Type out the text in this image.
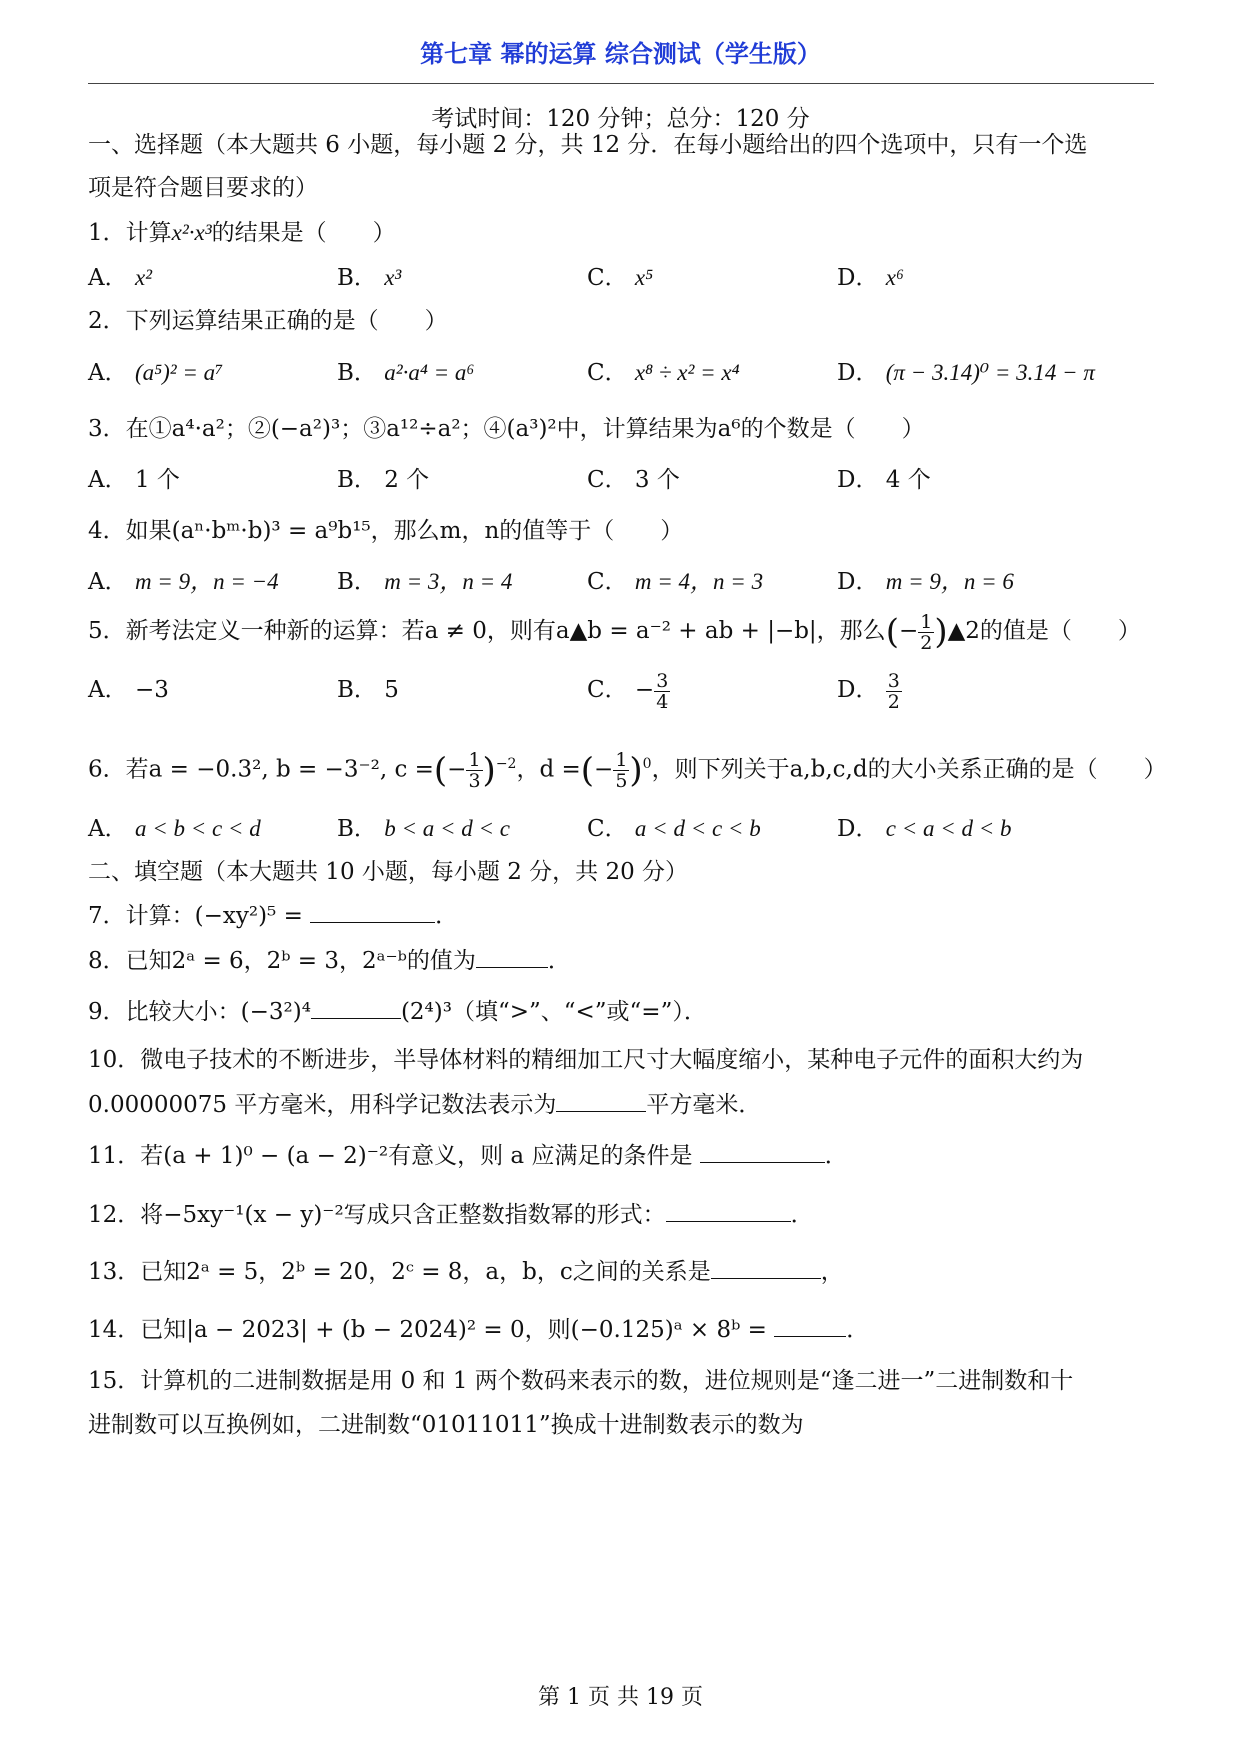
第七章 幂的运算 综合测试（学生版）
考试时间：120 分钟；总分：120 分
一、选择题（本大题共 6 小题，每小题 2 分，共 12 分．在每小题给出的四个选项中，只有一个选
项是符合题目要求的）
1．计算x²·x³的结果是（　　）
A． x²	B． x³	C． x⁵	D． x⁶
2．下列运算结果正确的是（　　）
A． (a⁵)² = a⁷	B． a²·a⁴ = a⁶	C． x⁸ ÷ x² = x⁴	D． (π − 3.14)⁰ = 3.14 − π
3．在①a⁴·a²；②(−a²)³；③a¹²÷a²；④(a³)²中，计算结果为a⁶的个数是（　　）
A． 1 个	B． 2 个	C． 3 个	D． 4 个
4．如果(aⁿ·bᵐ·b)³ = a⁹b¹⁵，那么m，n的值等于（　　）
A． m = 9，n = −4	B． m = 3，n = 4	C． m = 4，n = 3	D． m = 9，n = 6
5．新考法定义一种新的运算：若a ≠ 0，则有a▲b = a⁻² + ab + |−b|，那么(− $\frac{1}{2}$ )▲2的值是（　　）
A． −3	B． 5	C． − $\frac{3}{4}$	D． $\frac{3}{2}$
6．若a = −0.3², b = −3⁻², c =(− $\frac{1}{3} )^{-2}$，d =(− $\frac{1}{5} )^0$，则下列关于a,b,c,d的大小关系正确的是（　　）
A． a < b < c < d	B． b < a < d < c	C． a < d < c < b	D． c < a < d < b
二、填空题（本大题共 10 小题，每小题 2 分，共 20 分）
7．计算：(−xy²)⁵ =	．
8．已知2ᵃ = 6，2ᵇ = 3，2ᵃ⁻ᵇ的值为	．
9．比较大小：(−3²)⁴	(2⁴)³（填“>”、“<”或“=”）．
10．微电子技术的不断进步，半导体材料的精细加工尺寸大幅度缩小，某种电子元件的面积大约为
0.00000075 平方毫米，用科学记数法表示为	平方毫米．
11．若(a + 1)⁰ − (a − 2)⁻²有意义，则 a 应满足的条件是	．
12．将−5xy⁻¹(x − y)⁻²写成只含正整数指数幂的形式：	．
13．已知2ᵃ = 5，2ᵇ = 20，2ᶜ = 8，a，b，c之间的关系是	，
14．已知|a − 2023| + (b − 2024)² = 0，则(−0.125)ᵃ × 8ᵇ =	．
15．计算机的二进制数据是用 0 和 1 两个数码来表示的数，进位规则是“逢二进一”二进制数和十
进制数可以互换例如，二进制数“01011011”换成十进制数表示的数为
第 1 页 共 19 页
